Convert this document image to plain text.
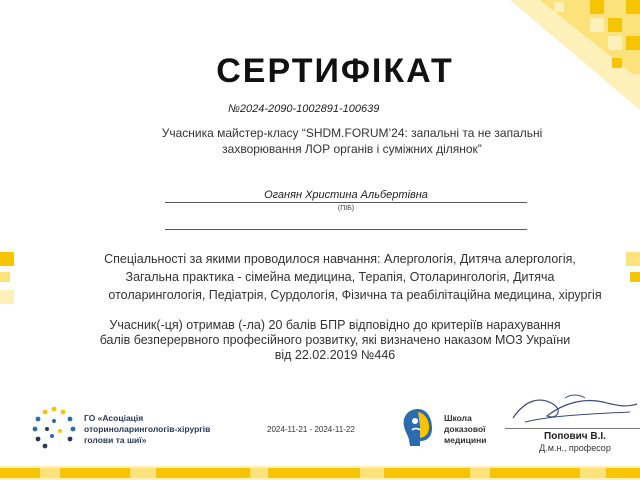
СЕРТИФІКАТ
№2024-2090-1002891-100639
Учасника майстер-класу “SHDM.FORUM’24: запальні та не запальні
захворювання ЛОР органів і суміжних ділянок”
Оганян Христина Альбертівна
(ПІБ)
Спеціальності за якими проводилося навчання: Алергологія, Дитяча алергологія,
Загальна практика - сімейна медицина, Терапія, Отоларингологія, Дитяча
отоларингологія, Педіатрія, Сурдологія, Фізична та реабілітаційна медицина, хірургія
Учасник(-ця) отримав (-ла) 20 балів БПР відповідно до критеріїв нарахування
балів безперервного професійного розвитку, які визначено наказом МОЗ України
від 22.02.2019 №446
ГО «Асоціація
оториноларингологів-хірургів
голови та шиї»
2024-11-21 - 2024-11-22
Школа
доказової
медицини	Попович В.І.
Д.м.н., професор
